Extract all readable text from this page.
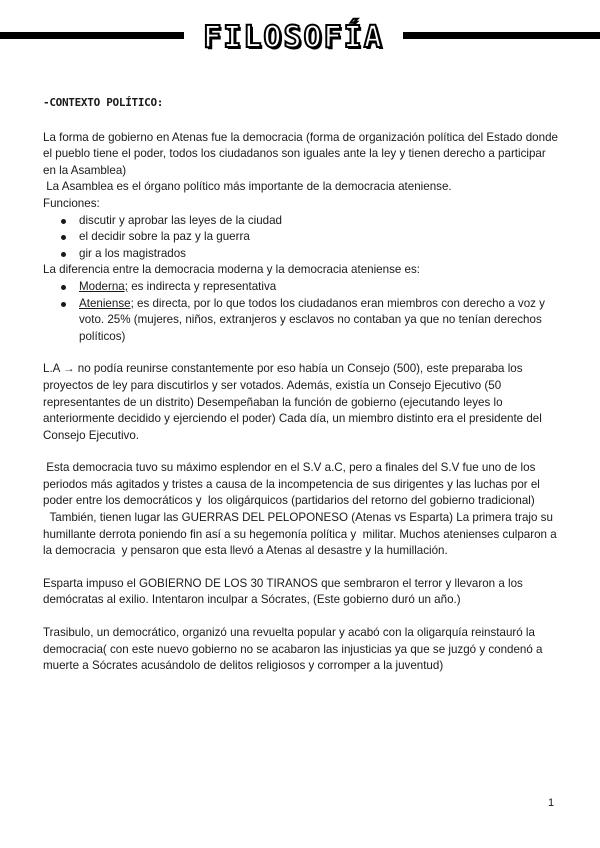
FILOSOFÍA
-CONTEXTO POLÍTICO:

La forma de gobierno en Atenas fue la democracia (forma de organización política del Estado donde el pueblo tiene el poder, todos los ciudadanos son iguales ante la ley y tienen derecho a participar en la Asamblea)

La Asamblea es el órgano político más importante de la democracia ateniense.

Funciones:

discutir y aprobar las leyes de la ciudad
el decidir sobre la paz y la guerra
gir a los magistrados

La diferencia entre la democracia moderna y la democracia ateniense es:

Moderna; es indirecta y representativa
Ateniense; es directa, por lo que todos los ciudadanos eran miembros con derecho a voz y voto. 25% (mujeres, niños, extranjeros y esclavos no contaban ya que no tenían derechos políticos)

L.A → no podía reunirse constantemente por eso había un Consejo (500), este preparaba los proyectos de ley para discutirlos y ser votados. Además, existía un Consejo Ejecutivo (50 representantes de un distrito) Desempeñaban la función de gobierno (ejecutando leyes lo anteriormente decidido y ejerciendo el poder) Cada día, un miembro distinto era el presidente del Consejo Ejecutivo.

Esta democracia tuvo su máximo esplendor en el S.V a.C, pero a finales del S.V fue uno de los periodos más agitados y tristes a causa de la incompetencia de sus dirigentes y las luchas por el poder entre los democráticos y  los oligárquicos (partidarios del retorno del gobierno tradicional)

También, tienen lugar las GUERRAS DEL PELOPONESO (Atenas vs Esparta) La primera trajo su humillante derrota poniendo fin así a su hegemonía política y  militar. Muchos atenienses culparon a la democracia  y pensaron que esta llevó a Atenas al desastre y la humillación.

Esparta impuso el GOBIERNO DE LOS 30 TIRANOS que sembraron el terror y llevaron a los demócratas al exilio. Intentaron inculpar a Sócrates, (Este gobierno duró un año.)

Trasibulo, un democrático, organizó una revuelta popular y acabó con la oligarquía reinstauró la democracia( con este nuevo gobierno no se acabaron las injusticias ya que se juzgó y condenó a muerte a Sócrates acusándolo de delitos religiosos y corromper a la juventud)

1
